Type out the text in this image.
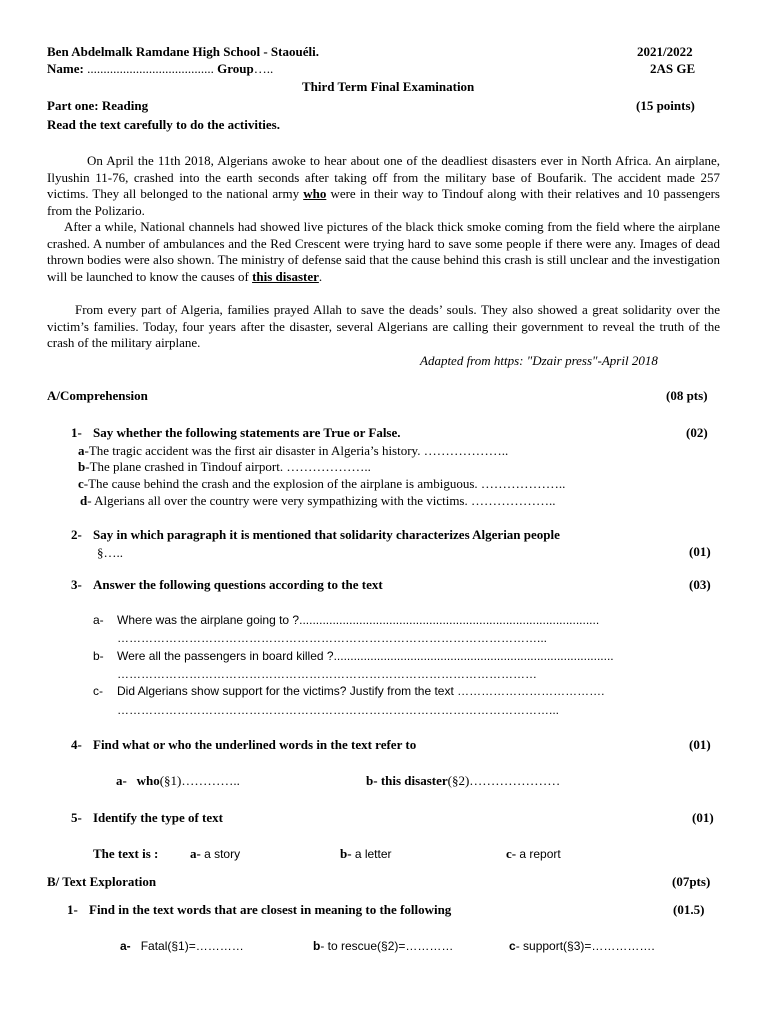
Ben Abdelmalk Ramdane High School - Staouéli.	2021/2022
Name: ....................................... Group…..	2AS GE
Third Term Final Examination
Part one: Reading	(15 points)
Read the text carefully to do the activities.
On April the 11th 2018, Algerians awoke to hear about one of the deadliest disasters ever in North Africa. An airplane, Ilyushin 11-76, crashed into the earth seconds after taking off from the military base of Boufarik. The accident made 257 victims. They all belonged to the national army who were in their way to Tindouf along with their relatives and 10 passengers from the Polizario.
After a while, National channels had showed live pictures of the black thick smoke coming from the field where the airplane crashed. A number of ambulances and the Red Crescent were trying hard to save some people if there were any. Images of dead thrown bodies were also shown. The ministry of defense said that the cause behind this crash is still unclear and the investigation will be launched to know the causes of this disaster.
From every part of Algeria, families prayed Allah to save the deads’ souls. They also showed a great solidarity over the victim’s families. Today, four years after the disaster, several Algerians are calling their government to reveal the truth of the crash of the military airplane.
Adapted from https: "Dzair press"-April 2018
A/Comprehension	(08 pts)
1- Say whether the following statements are True or False.	(02)
a-The tragic accident was the first air disaster in Algeria’s history. ………………..
b-The plane crashed in Tindouf airport. ………………..
c-The cause behind the crash and the explosion of the airplane is ambiguous. ………………..
d- Algerians all over the country were very sympathizing with the victims. ………………..
2- Say in which paragraph it is mentioned that solidarity characterizes Algerian people
§…..	(01)
3- Answer the following questions according to the text	(03)
a- Where was the airplane going to ?..........................................................................................
……………………………………………………………………………………………...
b- Were all the passengers in board killed ?....................................................................................
……………………………………………………………………………………………
c- Did Algerians show support for the victims? Justify from the text ……………………………….
………………………………………………………………………………………………...
4- Find what or who the underlined words in the text refer to	(01)
a- who(§1)…………..	b- this disaster(§2)…………………
5- Identify the type of text	(01)
The text is : a- a story	b- a letter	c- a report
B/ Text Exploration	(07pts)
1- Find in the text words that are closest in meaning to the following	(01.5)
a- Fatal(§1)=…………	b- to rescue(§2)=…………	c- support(§3)=…………….
